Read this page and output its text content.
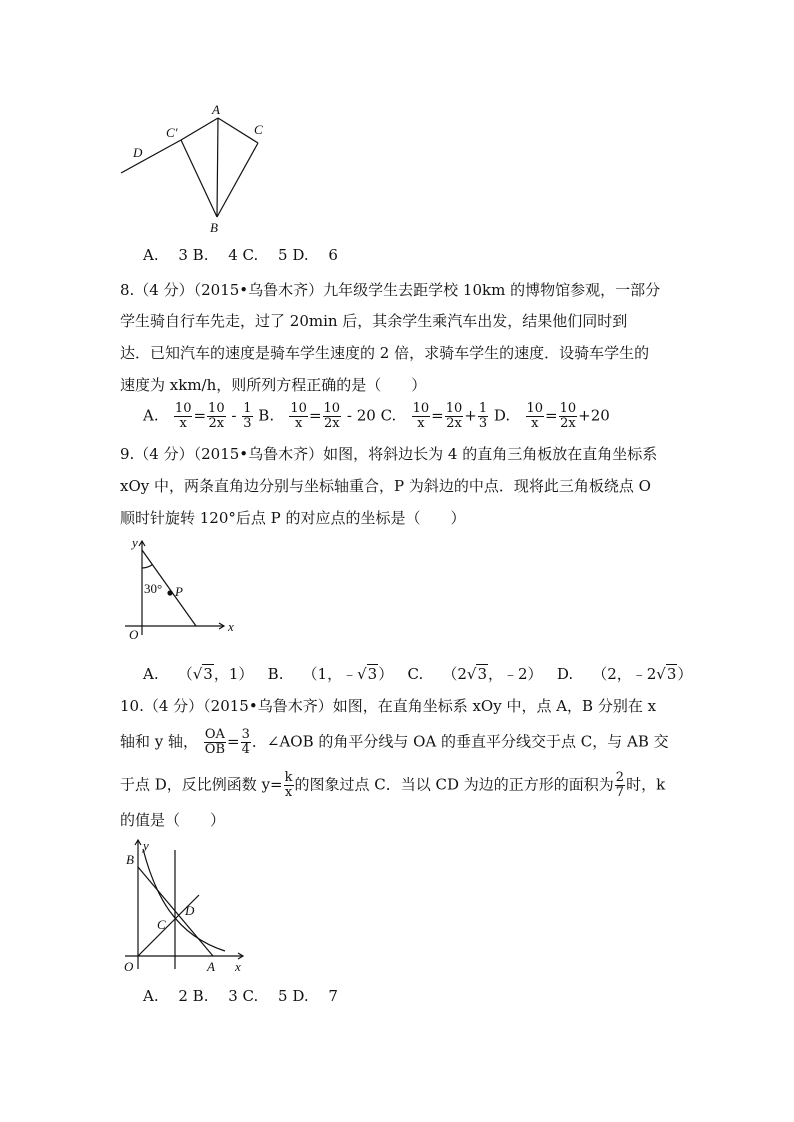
A
C'	C
D
B
A.　 3 B.　 4 C.　 5 D.　 6
8.（4 分）（2015•乌鲁木齐）九年级学生去距学校 10km 的博物馆参观，一部分
学生骑自行车先走，过了 20min 后，其余学生乘汽车出发，结果他们同时到
达．已知汽车的速度是骑车学生速度的 2 倍，求骑车学生的速度．设骑车学生的
速度为 xkm/h，则所列方程正确的是（　　）
A. $\frac{10}{x} = \frac{10}{2x} - \frac{1}{3} B$. $\frac{10}{x} = \frac{10}{2x} - 20$ C. $\frac{10}{x} = \frac{10}{2x} + \frac{1}{3} D$. $\frac{10}{x} = \frac{10}{2x} +20$
9.（4 分）（2015•乌鲁木齐）如图，将斜边长为 4 的直角三角板放在直角坐标系
xOy 中，两条直角边分别与坐标轴重合，P 为斜边的中点．现将此三角板绕点 O
顺时针旋转 120°后点 P 的对应点的坐标是（　　）
y
x
O
P
30°
A. （√3，1） B. （1，﹣√3） C. （2√3，﹣2） D. （2，﹣2√3）
10.（4 分）（2015•乌鲁木齐）如图，在直角坐标系 xOy 中，点 A，B 分别在 x
轴和 y 轴， $\frac{OA}{OB} = \frac{3}{4}$ ．∠AOB 的角平分线与 OA 的垂直平分线交于点 C，与 AB 交
于点 D，反比例函数 $y= \frac{k}{x}$ 的图象过点 C．当以 CD 为边的正方形的面积为 $\frac{2}{7}$ 时，k
的值是（　　）
B
y
D
C
O	A x
A.　 2 B.　 3 C.　 5 D.　 7
